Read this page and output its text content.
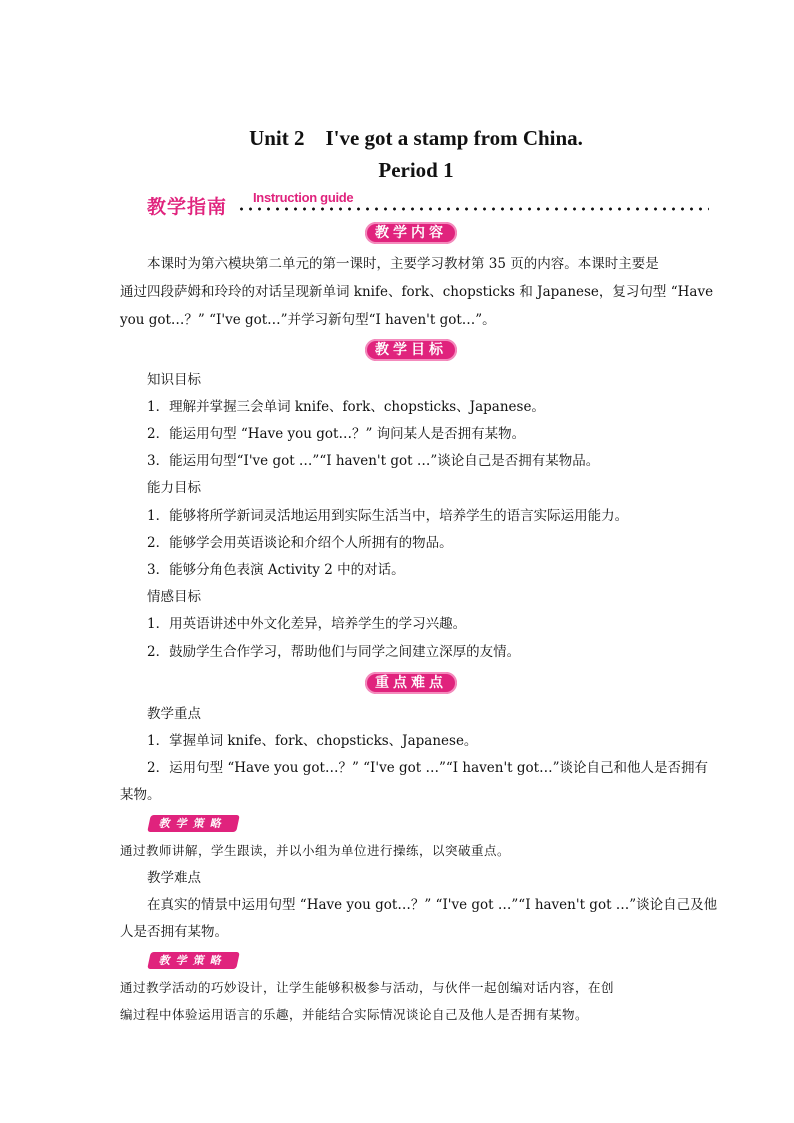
Unit 2　I've got a stamp from China.
Period 1
教学指南 Instruction guide
教学内容
本课时为第六模块第二单元的第一课时，主要学习教材第 35 页的内容。本课时主要是
通过四段萨姆和玲玲的对话呈现新单词 knife、fork、chopsticks 和 Japanese，复习句型 “Have
you got…？” “I've got…”并学习新句型“I haven't got…”。
教学目标
知识目标
1．理解并掌握三会单词 knife、fork、chopsticks、Japanese。
2．能运用句型 “Have you got…？” 询问某人是否拥有某物。
3．能运用句型“I've got …”“I haven't got …”谈论自己是否拥有某物品。
能力目标
1．能够将所学新词灵活地运用到实际生活当中，培养学生的语言实际运用能力。
2．能够学会用英语谈论和介绍个人所拥有的物品。
3．能够分角色表演 Activity 2 中的对话。
情感目标
1．用英语讲述中外文化差异，培养学生的学习兴趣。
2．鼓励学生合作学习，帮助他们与同学之间建立深厚的友情。
重点难点
教学重点
1．掌握单词 knife、fork、chopsticks、Japanese。
2．运用句型 “Have you got…？” “I've got …”“I haven't got…”谈论自己和他人是否拥有
某物。
教学策略
通过教师讲解，学生跟读，并以小组为单位进行操练，以突破重点。
教学难点
在真实的情景中运用句型 “Have you got…？” “I've got …”“I haven't got …”谈论自己及他
人是否拥有某物。
教学策略
通过教学活动的巧妙设计，让学生能够积极参与活动，与伙伴一起创编对话内容，在创
编过程中体验运用语言的乐趣，并能结合实际情况谈论自己及他人是否拥有某物。
